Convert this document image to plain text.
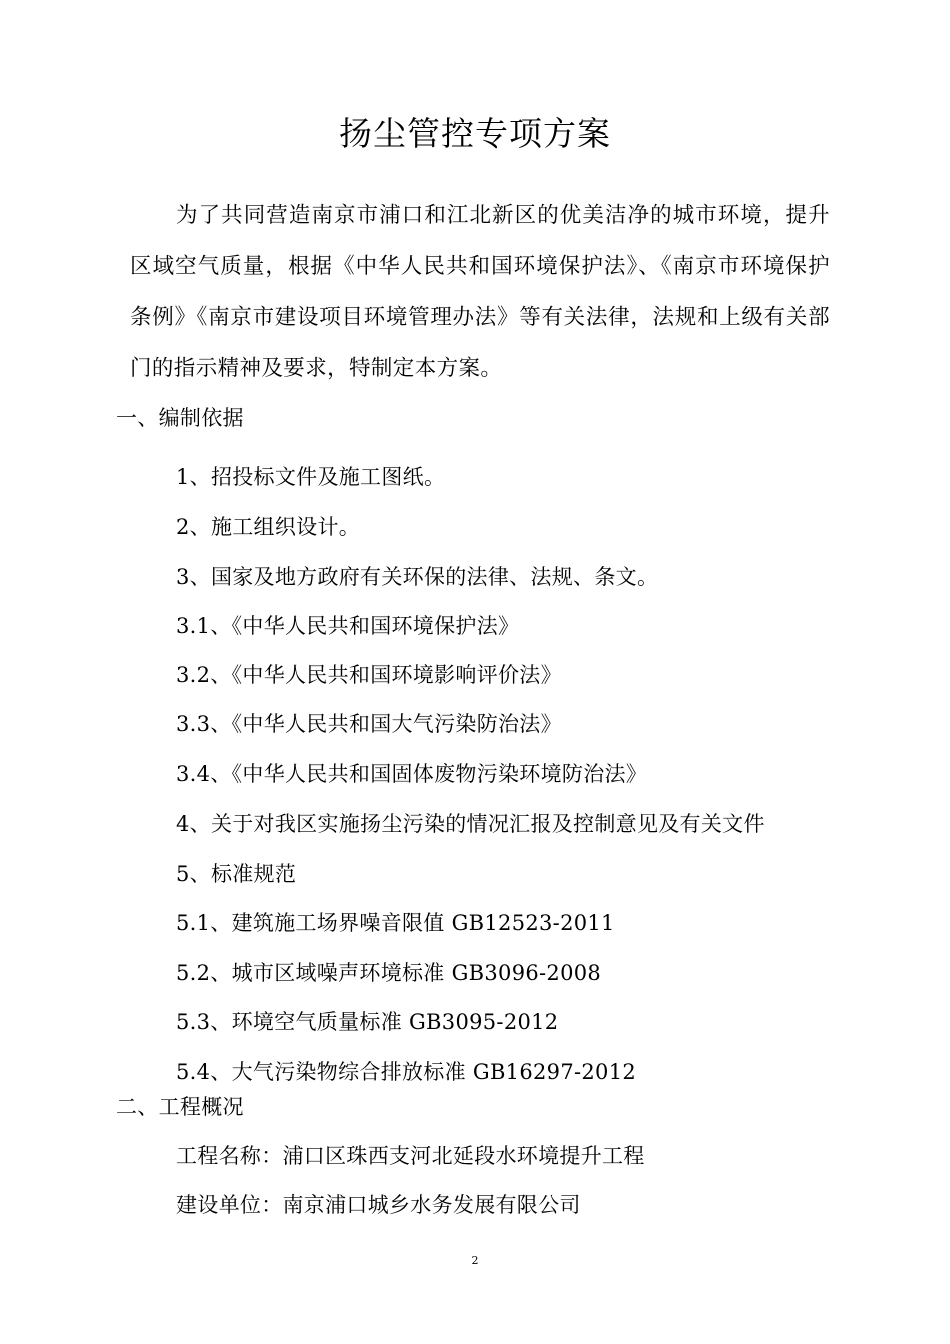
扬尘管控专项方案
为了共同营造南京市浦口和江北新区的优美洁净的城市环境，提升区域空气质量，根据《中华人民共和国环境保护法》、《南京市环境保护条例》《南京市建设项目环境管理办法》等有关法律，法规和上级有关部门的指示精神及要求，特制定本方案。
一、编制依据
1、招投标文件及施工图纸。
2、施工组织设计。
3、国家及地方政府有关环保的法律、法规、条文。
3.1、《中华人民共和国环境保护法》
3.2、《中华人民共和国环境影响评价法》
3.3、《中华人民共和国大气污染防治法》
3.4、《中华人民共和国固体废物污染环境防治法》
4、关于对我区实施扬尘污染的情况汇报及控制意见及有关文件
5、标准规范
5.1、建筑施工场界噪音限值 GB12523-2011
5.2、城市区域噪声环境标准 GB3096-2008
5.3、环境空气质量标准 GB3095-2012
5.4、大气污染物综合排放标准 GB16297-2012
二、工程概况
工程名称：浦口区珠西支河北延段水环境提升工程
建设单位：南京浦口城乡水务发展有限公司
2
